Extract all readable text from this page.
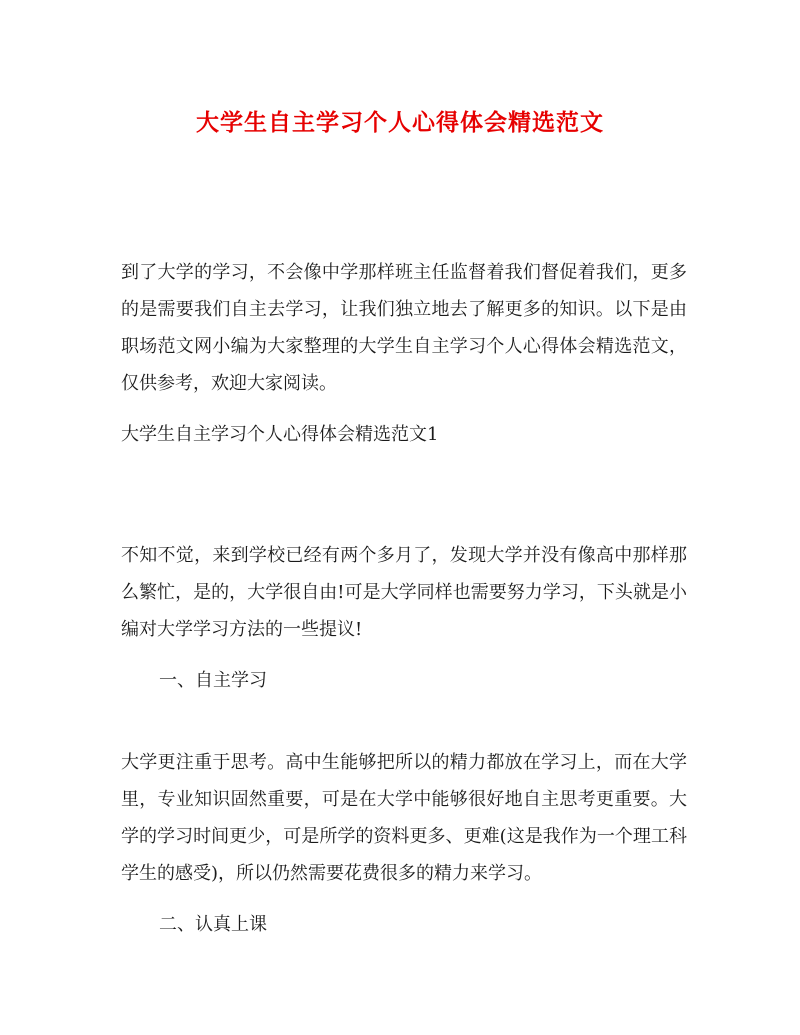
大学生自主学习个人心得体会精选范文

到了大学的学习，不会像中学那样班主任监督着我们督促着我们，更多的是需要我们自主去学习，让我们独立地去了解更多的知识。以下是由职场范文网小编为大家整理的大学生自主学习个人心得体会精选范文，仅供参考，欢迎大家阅读。

大学生自主学习个人心得体会精选范文1

不知不觉，来到学校已经有两个多月了，发现大学并没有像高中那样那么繁忙，是的，大学很自由!可是大学同样也需要努力学习，下头就是小编对大学学习方法的一些提议!

一、自主学习

大学更注重于思考。高中生能够把所以的精力都放在学习上，而在大学里，专业知识固然重要，可是在大学中能够很好地自主思考更重要。大学的学习时间更少，可是所学的资料更多、更难(这是我作为一个理工科学生的感受)，所以仍然需要花费很多的精力来学习。

二、认真上课
